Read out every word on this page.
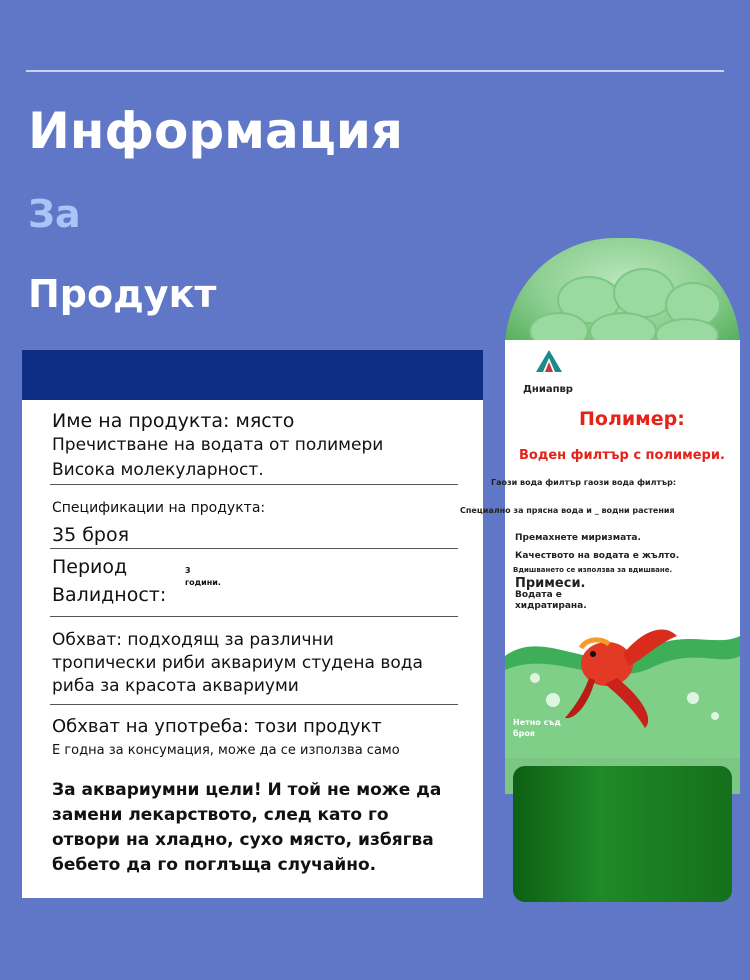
Информация
За
Продукт

Име на продукта: място

Пречистване на водата от полимери

Висока молекуларност.

Спецификации на продукта:

35 броя

Период

Валидност:

3

години.

Обхват: подходящ за различни

тропически риби аквариум студена вода

риба за красота аквариуми

Обхват на употреба: този продукт

Е годна за консумация, може да се използва само

За аквариумни цели! И той не може да

замени лекарството, след като го

отвори на хладно, сухо място, избягва

бебето да го поглъща случайно.

Дниапвр

Полимер:

Воден филтър с полимери.

Гаози вода филтър гаози вода филтър:

Специално за прясна вода и _ водни растения

Премахнете миризмата.

Качеството на водата е жълто.

Вдишването се използва за вдишване.

Примеси.

Водата е

хидратирана.

Нетно съд

броя
